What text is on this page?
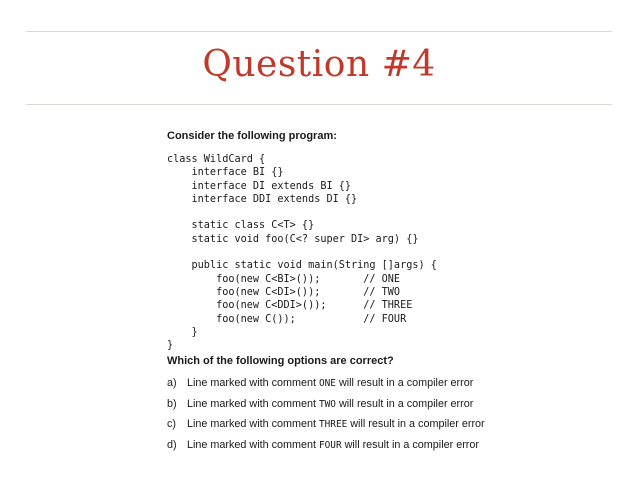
Question #4
Consider the following program:
class WildCard {
interface BI {}
interface DI extends BI {}
interface DDI extends DI {}
static class C<T> {}
static void foo(C<? super DI> arg) {}
public static void main(String []args) {
foo(new C<BI>());       // ONE
foo(new C<DI>());       // TWO
foo(new C<DDI>());      // THREE
foo(new C());           // FOUR
}
}
Which of the following options are correct?
a) Line marked with comment ONE will result in a compiler error
b) Line marked with comment TWO will result in a compiler error
c) Line marked with comment THREE will result in a compiler error
d) Line marked with comment FOUR will result in a compiler error
